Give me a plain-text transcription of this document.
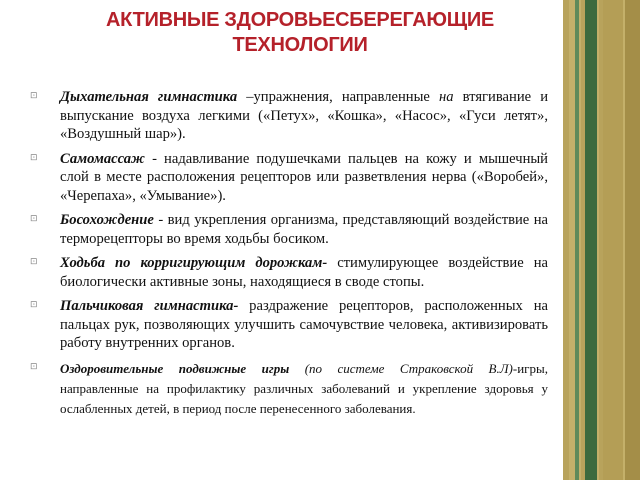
АКТИВНЫЕ ЗДОРОВЬЕСБЕРЕГАЮЩИЕ
ТЕХНОЛОГИИ
⊡ Дыхательная гимнастика –упражнения, направленные на втягивание и выпускание воздуха легкими («Петух», «Кошка», «Насос», «Гуси летят», «Воздушный шар»).
⊡ Самомассаж - надавливание подушечками пальцев на кожу и мышечный слой в месте расположения рецепторов или разветвления нерва («Воробей», «Черепаха», «Умывание»).
⊡ Босохождение - вид укрепления организма, представляющий воздействие на терморецепторы во время ходьбы босиком.
⊡ Ходьба по корригирующим дорожкам- стимулирующее воздействие на биологически активные зоны, находящиеся в своде стопы.
⊡ Пальчиковая гимнастика- раздражение рецепторов, расположенных на пальцах рук, позволяющих улучшить самочувствие человека, активизировать работу внутренних органов.
⊡ Оздоровительные подвижные игры (по системе Страковской В.Л)-игры, направленные на профилактику различных заболеваний и укрепление здоровья у ослабленных детей, в период после перенесенного заболевания.
